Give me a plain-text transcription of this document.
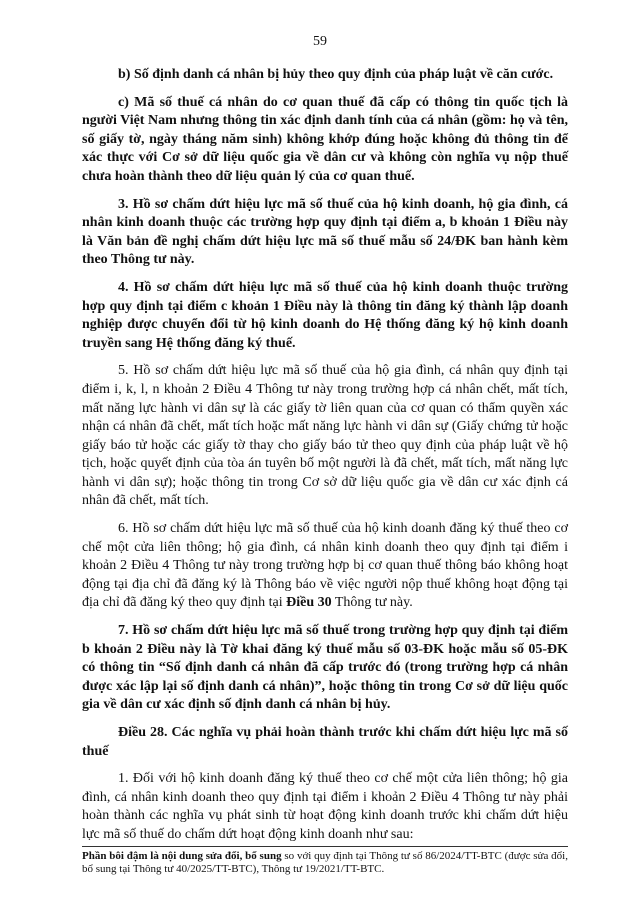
59

b) Số định danh cá nhân bị hủy theo quy định của pháp luật về căn cước.

c) Mã số thuế cá nhân do cơ quan thuế đã cấp có thông tin quốc tịch là người Việt Nam nhưng thông tin xác định danh tính của cá nhân (gồm: họ và tên, số giấy tờ, ngày tháng năm sinh) không khớp đúng hoặc không đủ thông tin để xác thực với Cơ sở dữ liệu quốc gia về dân cư và không còn nghĩa vụ nộp thuế chưa hoàn thành theo dữ liệu quản lý của cơ quan thuế.

3. Hồ sơ chấm dứt hiệu lực mã số thuế của hộ kinh doanh, hộ gia đình, cá nhân kinh doanh thuộc các trường hợp quy định tại điểm a, b khoản 1 Điều này là Văn bản đề nghị chấm dứt hiệu lực mã số thuế mẫu số 24/ĐK ban hành kèm theo Thông tư này.

4. Hồ sơ chấm dứt hiệu lực mã số thuế của hộ kinh doanh thuộc trường hợp quy định tại điểm c khoản 1 Điều này là thông tin đăng ký thành lập doanh nghiệp được chuyển đổi từ hộ kinh doanh do Hệ thống đăng ký hộ kinh doanh truyền sang Hệ thống đăng ký thuế.

5. Hồ sơ chấm dứt hiệu lực mã số thuế của hộ gia đình, cá nhân quy định tại điểm i, k, l, n khoản 2 Điều 4 Thông tư này trong trường hợp cá nhân chết, mất tích, mất năng lực hành vi dân sự là các giấy tờ liên quan của cơ quan có thẩm quyền xác nhận cá nhân đã chết, mất tích hoặc mất năng lực hành vi dân sự (Giấy chứng tử hoặc giấy báo tử hoặc các giấy tờ thay cho giấy báo tử theo quy định của pháp luật về hộ tịch, hoặc quyết định của tòa án tuyên bố một người là đã chết, mất tích, mất năng lực hành vi dân sự); hoặc thông tin trong Cơ sở dữ liệu quốc gia về dân cư xác định cá nhân đã chết, mất tích.

6. Hồ sơ chấm dứt hiệu lực mã số thuế của hộ kinh doanh đăng ký thuế theo cơ chế một cửa liên thông; hộ gia đình, cá nhân kinh doanh theo quy định tại điểm i khoản 2 Điều 4 Thông tư này trong trường hợp bị cơ quan thuế thông báo không hoạt động tại địa chỉ đã đăng ký là Thông báo về việc người nộp thuế không hoạt động tại địa chỉ đã đăng ký theo quy định tại Điều 30 Thông tư này.

7. Hồ sơ chấm dứt hiệu lực mã số thuế trong trường hợp quy định tại điểm b khoản 2 Điều này là Tờ khai đăng ký thuế mẫu số 03-ĐK hoặc mẫu số 05-ĐK có thông tin “Số định danh cá nhân đã cấp trước đó (trong trường hợp cá nhân được xác lập lại số định danh cá nhân)”, hoặc thông tin trong Cơ sở dữ liệu quốc gia về dân cư xác định số định danh cá nhân bị hủy.

Điều 28. Các nghĩa vụ phải hoàn thành trước khi chấm dứt hiệu lực mã số thuế

1. Đối với hộ kinh doanh đăng ký thuế theo cơ chế một cửa liên thông; hộ gia đình, cá nhân kinh doanh theo quy định tại điểm i khoản 2 Điều 4 Thông tư này phải hoàn thành các nghĩa vụ phát sinh từ hoạt động kinh doanh trước khi chấm dứt hiệu lực mã số thuế do chấm dứt hoạt động kinh doanh như sau:

Phần bôi đậm là nội dung sửa đổi, bổ sung so với quy định tại Thông tư số 86/2024/TT-BTC (được sửa đổi, bổ sung tại Thông tư 40/2025/TT-BTC), Thông tư 19/2021/TT-BTC.
